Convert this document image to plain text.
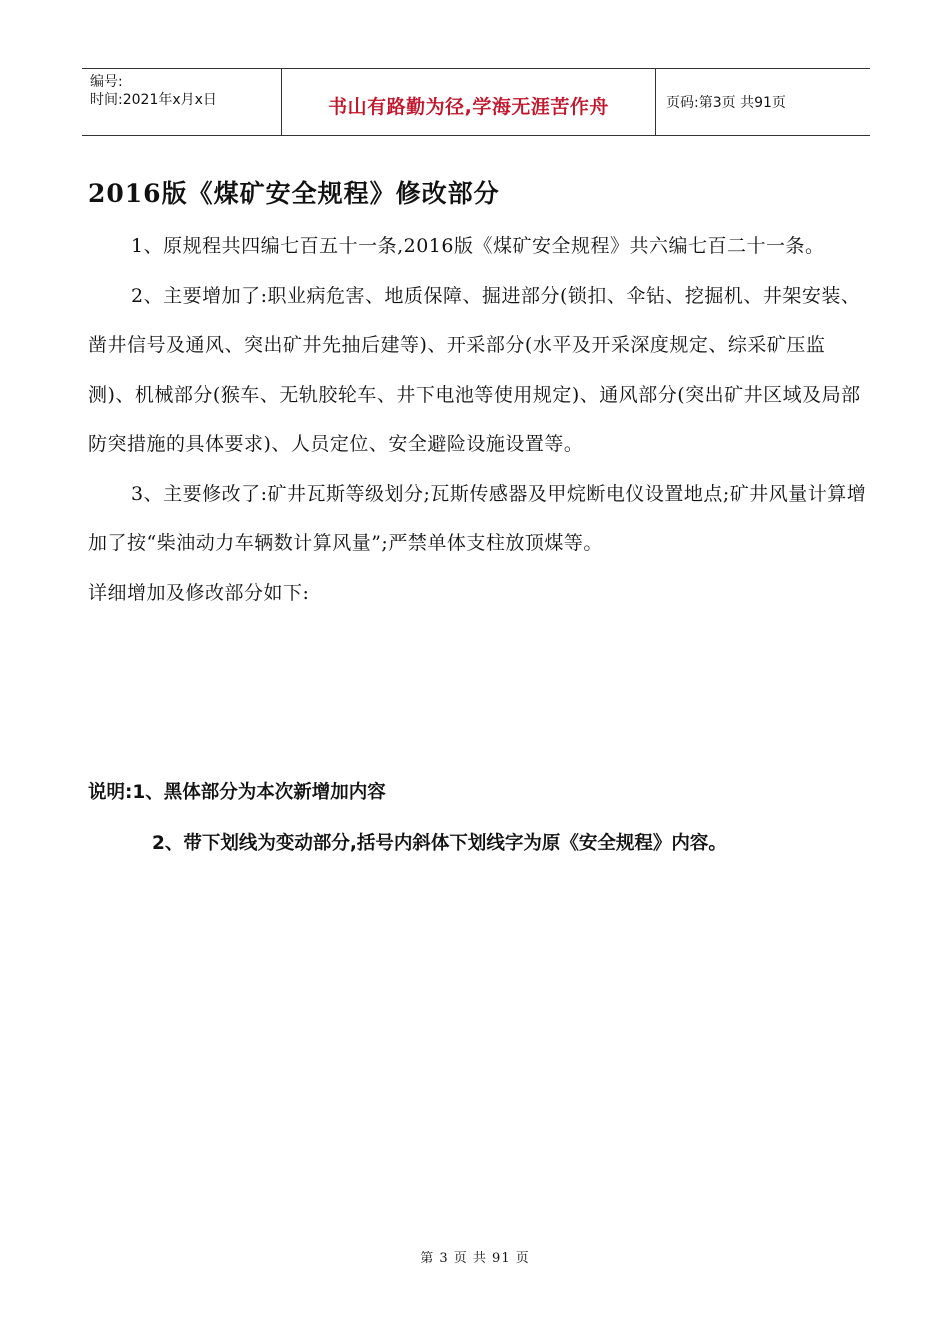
编号:
时间:2021年x月x日	书山有路勤为径,学海无涯苦作舟	页码:第3页 共91页
2016版《煤矿安全规程》修改部分

1、原规程共四编七百五十一条,2016版《煤矿安全规程》共六编七百二十一条。

2、主要增加了:职业病危害、地质保障、掘进部分(锁扣、伞钻、挖掘机、井架安装、凿井信号及通风、突出矿井先抽后建等)、开采部分(水平及开采深度规定、综采矿压监测)、机械部分(猴车、无轨胶轮车、井下电池等使用规定)、通风部分(突出矿井区域及局部防突措施的具体要求)、人员定位、安全避险设施设置等。

3、主要修改了:矿井瓦斯等级划分;瓦斯传感器及甲烷断电仪设置地点;矿井风量计算增加了按“柴油动力车辆数计算风量”;严禁单体支柱放顶煤等。

详细增加及修改部分如下:

说明:1、黑体部分为本次新增加内容

2、带下划线为变动部分,括号内斜体下划线字为原《安全规程》内容。

第 3 页 共 91 页
